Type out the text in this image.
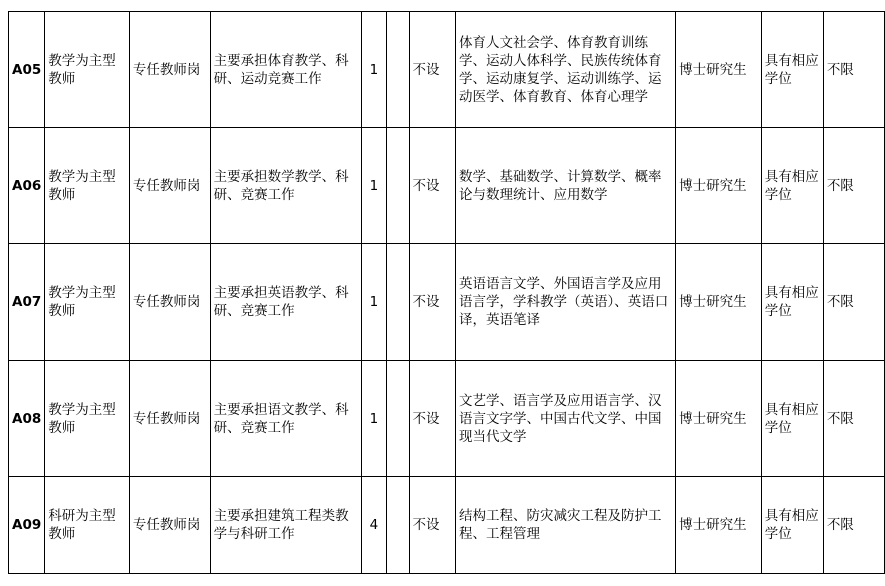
A05	教学为主型教师	专任教师岗	主要承担体育教学、科研、运动竞赛工作	1		不设	体育人文社会学、体育教育训练学、运动人体科学、民族传统体育学、运动康复学、运动训练学、运动医学、体育教育、体育心理学	博士研究生	具有相应学位	不限
A06	教学为主型教师	专任教师岗	主要承担数学教学、科研、竞赛工作	1		不设	数学、基础数学、计算数学、概率论与数理统计、应用数学	博士研究生	具有相应学位	不限
A07	教学为主型教师	专任教师岗	主要承担英语教学、科研、竞赛工作	1		不设	英语语言文学、外国语言学及应用语言学，学科教学（英语）、英语口译，英语笔译	博士研究生	具有相应学位	不限
A08	教学为主型教师	专任教师岗	主要承担语文教学、科研、竞赛工作	1		不设	文艺学、语言学及应用语言学、汉语言文字学、中国古代文学、中国现当代文学	博士研究生	具有相应学位	不限
A09	科研为主型教师	专任教师岗	主要承担建筑工程类教学与科研工作	4		不设	结构工程、防灾减灾工程及防护工程、工程管理	博士研究生	具有相应学位	不限
